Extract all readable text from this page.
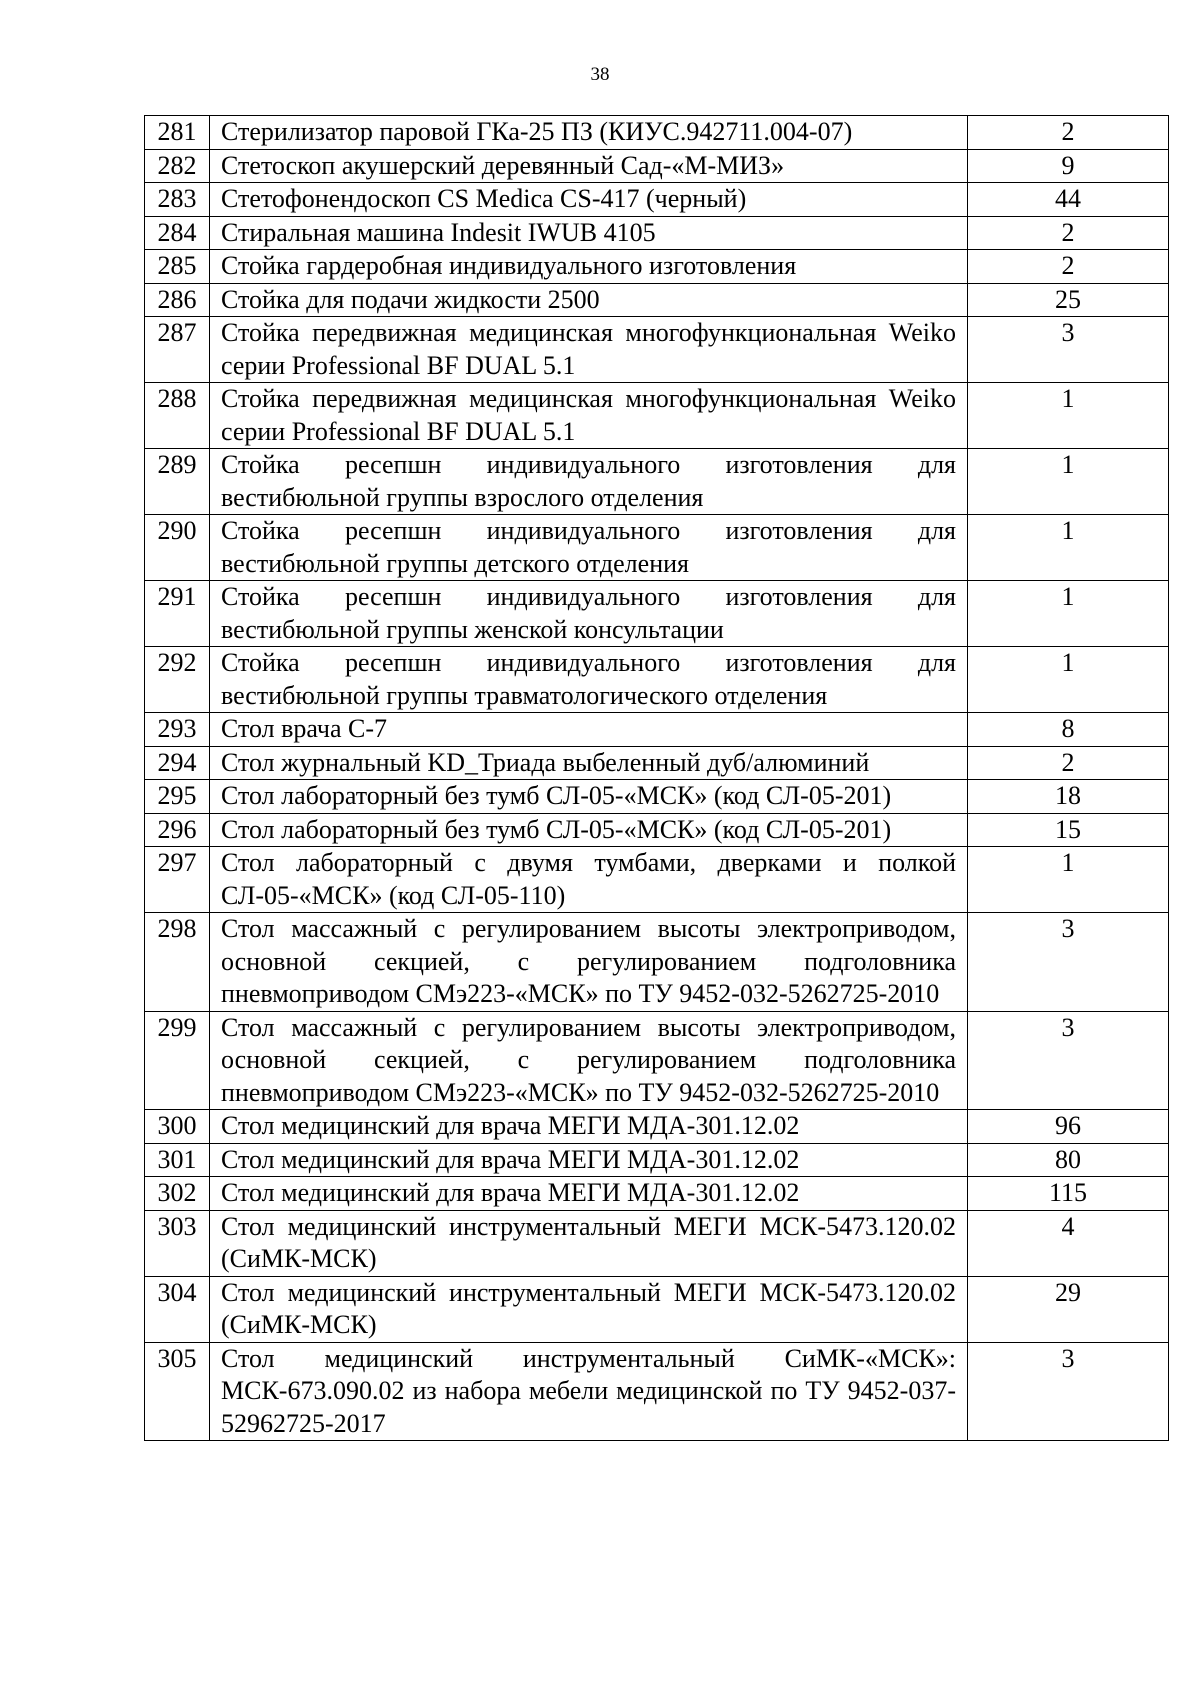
38
281	Стерилизатор паровой ГКа-25 ПЗ (КИУС.942711.004-07)	2
282	Стетоскоп акушерский деревянный Сад-«М-МИЗ»	9
283	Стетофонендоскоп CS Medica CS-417 (черный)	44
284	Стиральная машина Indesit IWUB 4105	2
285	Стойка гардеробная индивидуального изготовления	2
286	Стойка для подачи жидкости 2500	25
287	Стойка передвижная медицинская многофункциональная Weiko серии Professional BF DUAL 5.1	3
288	Стойка передвижная медицинская многофункциональная Weiko серии Professional BF DUAL 5.1	1
289	Стойка ресепшн индивидуального изготовления для вестибюльной группы взрослого отделения	1
290	Стойка ресепшн индивидуального изготовления для вестибюльной группы детского отделения	1
291	Стойка ресепшн индивидуального изготовления для вестибюльной группы женской консультации	1
292	Стойка ресепшн индивидуального изготовления для вестибюльной группы травматологического отделения	1
293	Стол врача С-7	8
294	Стол журнальный KD_Триада выбеленный дуб/алюминий	2
295	Стол лабораторный без тумб СЛ-05-«МСК» (код СЛ-05-201)	18
296	Стол лабораторный без тумб СЛ-05-«МСК» (код СЛ-05-201)	15
297	Стол лабораторный с двумя тумбами, дверками и полкой СЛ-05-«МСК» (код СЛ-05-110)	1
298	Стол массажный с регулированием высоты электроприводом, основной секцией, с регулированием подголовника пневмоприводом СМэ223-«МСК» по ТУ 9452-032-5262725-2010	3
299	Стол массажный с регулированием высоты электроприводом, основной секцией, с регулированием подголовника пневмоприводом СМэ223-«МСК» по ТУ 9452-032-5262725-2010	3
300	Стол медицинский для врача МЕГИ МДА-301.12.02	96
301	Стол медицинский для врача МЕГИ МДА-301.12.02	80
302	Стол медицинский для врача МЕГИ МДА-301.12.02	115
303	Стол медицинский инструментальный МЕГИ МСК-5473.120.02 (СиМК-МСК)	4
304	Стол медицинский инструментальный МЕГИ МСК-5473.120.02 (СиМК-МСК)	29
305	Стол медицинский инструментальный СиМК-«МСК»: МСК-673.090.02 из набора мебели медицинской по ТУ 9452-037-52962725-2017	3
